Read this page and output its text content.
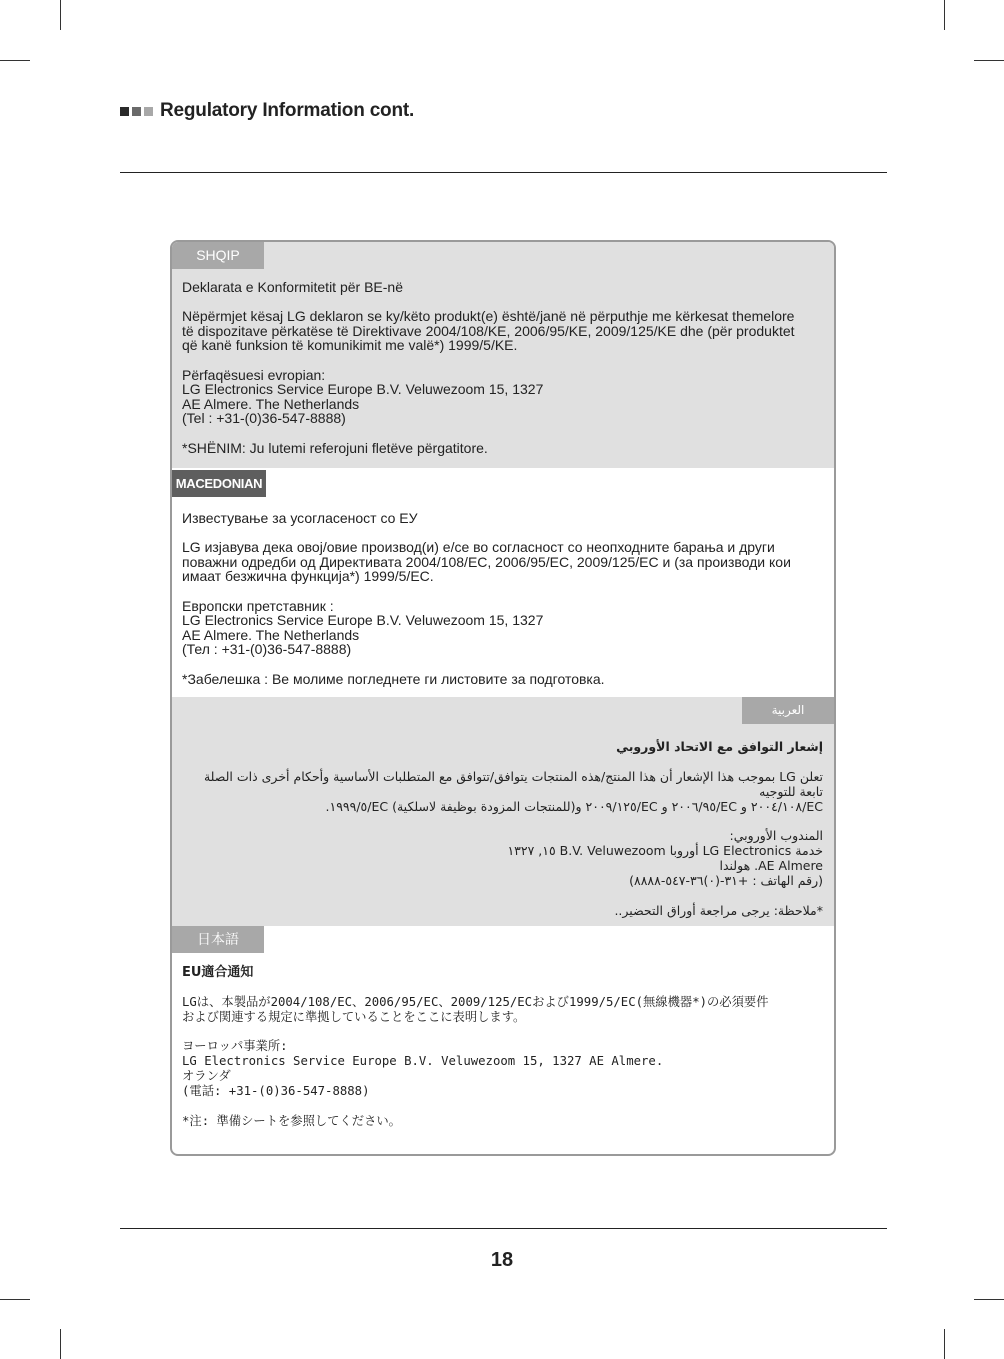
Regulatory Information cont.
SHQIP

Deklarata e Konformitetit për BE-në

Nëpërmjet kësaj LG deklaron se ky/këto produkt(e) është/janë në përputhje me kërkesat themelore

të dispozitave përkatëse të Direktivave 2004/108/KE, 2006/95/KE, 2009/125/KE dhe (për produktet

që kanë funksion të komunikimit me valë*) 1999/5/KE.

Përfaqësuesi evropian:

LG Electronics Service Europe B.V. Veluwezoom 15, 1327

AE Almere. The Netherlands

(Tel : +31-(0)36-547-8888)

*SHËNIM: Ju lutemi referojuni fletëve përgatitore.

MACEDONIAN

Известување за усогласеност со ЕУ

LG изјавува дека овој/овие производ(и) е/се во согласност со неопходните барања и други

поважни одредби од Директивата 2004/108/EC, 2006/95/EC, 2009/125/EC и (за производи кои

имаат безжична функција*) 1999/5/EC.

Европски претставник :

LG Electronics Service Europe B.V. Veluwezoom 15, 1327

AE Almere. The Netherlands

(Тел : +31-(0)36-547-8888)

*Забелешка : Ве молиме погледнете ги листовите за подготовка.

العربية

إشعار التوافق مع الاتحاد الأوروبي

تعلن LG بموجب هذا الإشعار أن هذا المنتج/هذه المنتجات يتوافق/تتوافق مع المتطلبات الأساسية وأحكام أخرى ذات الصلة تابعة للتوجيه

EC/٢٠٠٤/١٠٨ و EC/٢٠٠٦/٩٥ و EC/٢٠٠٩/١٢٥ و(للمنتجات المزودة بوظيفة لاسلكية) EC/١٩٩٩/٥.

المندوب الأوروبي:

خدمة LG Electronics أوروبا B.V. Veluwezoom ١٥, ١٣٢٧

AE Almere. هولندا

(رقم الهاتف : +٣١-(٠)٣٦-٥٤٧-٨٨٨٨)

*ملاحظة: يرجى مراجعة أوراق التحضير..

日本語

EU適合通知

LGは、本製品が2004/108/EC、2006/95/EC、2009/125/ECおよび1999/5/EC(無線機器*)の必須要件

および関連する規定に準拠していることをここに表明します。

ヨーロッパ事業所:

LG Electronics Service Europe B.V. Veluwezoom 15, 1327 AE Almere.

オランダ

(電話: +31-(0)36-547-8888)

*注: 準備シートを参照してください。

18
